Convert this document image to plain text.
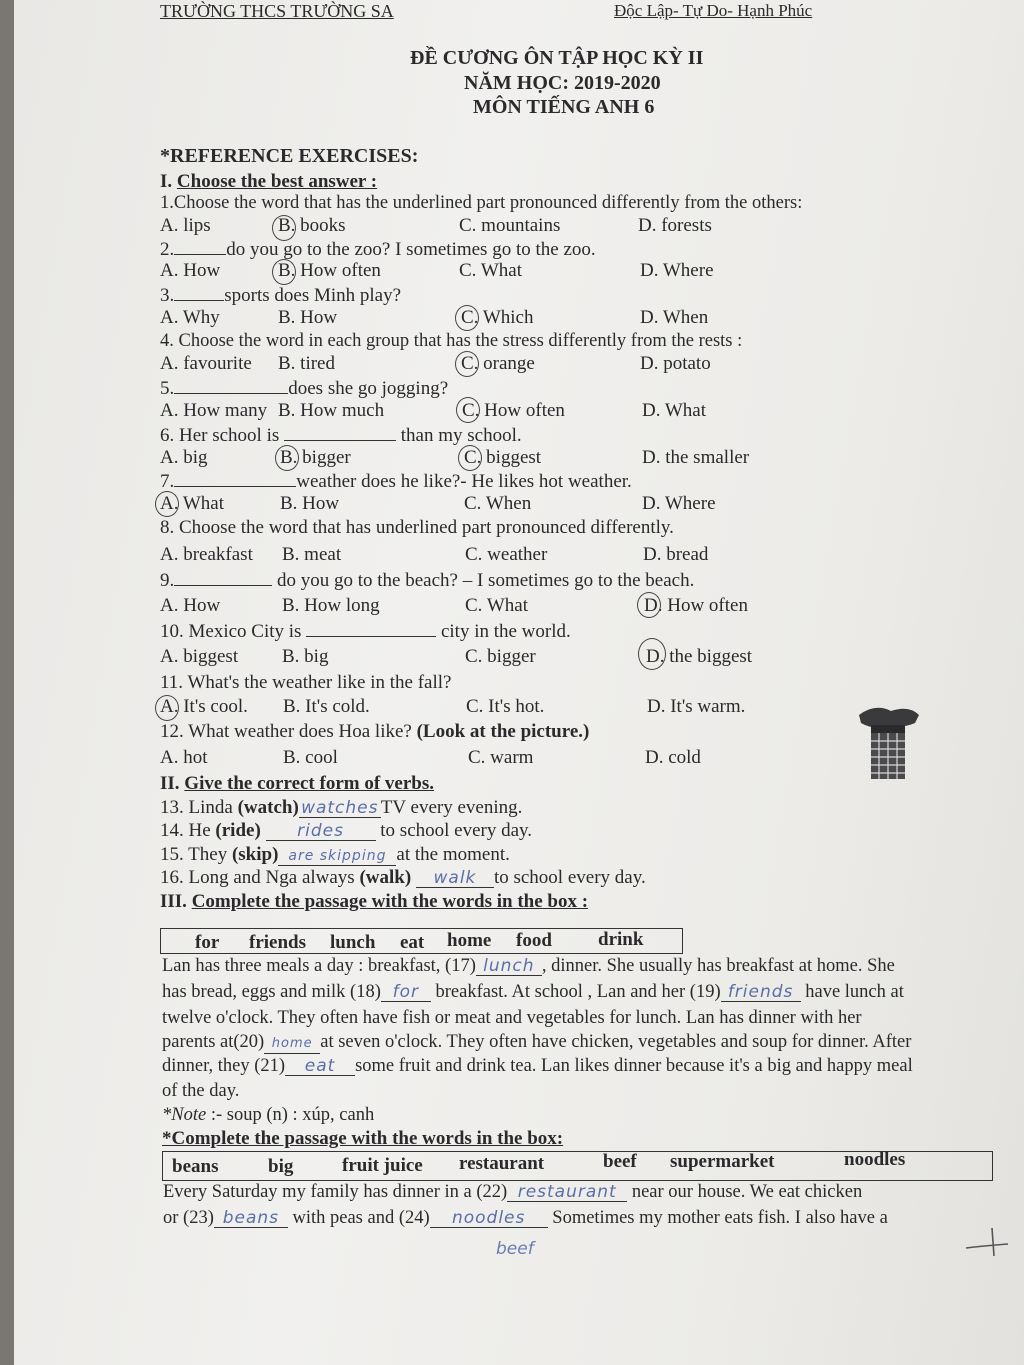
TRƯỜNG THCS TRƯỜNG SA	Độc Lập- Tự Do- Hạnh Phúc
ĐỀ CƯƠNG ÔN TẬP HỌC KỲ II
NĂM HỌC: 2019-2020
MÔN TIẾNG ANH 6
*REFERENCE EXERCISES:
I. Choose the best answer :
1.Choose the word that has the underlined part pronounced differently from the others:
A. lips	B. books	C. mountains	D. forests
2.	do you go to the zoo? I sometimes go to the zoo.
A. How	B. How often	C. What	D. Where
3.	sports does Minh play?
A. Why	B. How	C. Which	D. When
4. Choose the word in each group that has the stress differently from the rests :
A. favourite B. tired	C. orange	D. potato
5.	does she go jogging?
A. How many B. How much	C. How often	D. What
6. Her school is	than my school.
A. big	B. bigger	C. biggest	D. the smaller
7.	weather does he like?- He likes hot weather.
A. What	B. How	C. When	D. Where
8. Choose the word that has underlined part pronounced differently.
A. breakfast B. meat	C. weather	D. bread
9.	do you go to the beach? – I sometimes go to the beach.
A. How	B. How long	C. What	D. How often
10. Mexico City is	city in the world.
A. biggest B. big	C. bigger	D. the biggest
11. What's the weather like in the fall?
A. It's cool. B. It's cold.	C. It's hot.	D. It's warm.
12. What weather does Hoa like? (Look at the picture.)
A. hot	B. cool	C. warm	D. cold
II. Give the correct form of verbs.
13. Linda (watch) watches TV every evening.
14. He (ride) rides to school every day.
15. They (skip) are skipping at the moment.
16. Long and Nga always (walk) walk to school every day.
III. Complete the passage with the words in the box :
for friends lunch eat home food drink
Lan has three meals a day : breakfast, (17) lunch , dinner. She usually has breakfast at home. She
has bread, eggs and milk (18) for breakfast. At school , Lan and her (19) friends have lunch at
twelve o'clock. They often have fish or meat and vegetables for lunch. Lan has dinner with her
parents at(20) home at seven o'clock. They often have chicken, vegetables and soup for dinner. After
dinner, they (21) eat some fruit and drink tea. Lan likes dinner because it's a big and happy meal
of the day.
*Note :- soup (n) : xúp, canh
*Complete the passage with the words in the box:
beans	big	fruit juice restaurant	beef supermarket	noodles
Every Saturday my family has dinner in a (22) restaurant near our house. We eat chicken
or (23) beans with peas and (24) noodles Sometimes my mother eats fish. I also have a
beef
